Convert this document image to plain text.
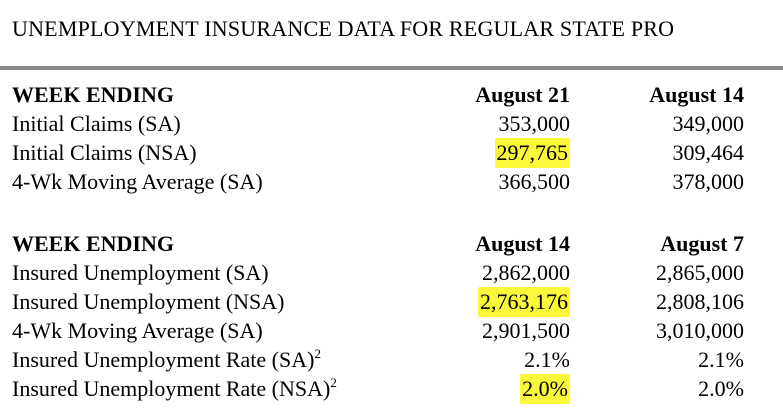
UNEMPLOYMENT INSURANCE DATA FOR REGULAR STATE PRO
WEEK ENDING	August 21	August 14
Initial Claims (SA)	353,000	349,000
Initial Claims (NSA)	297,765	309,464
4-Wk Moving Average (SA)	366,500	378,000
WEEK ENDING	August 14	August 7
Insured Unemployment (SA)	2,862,000	2,865,000
Insured Unemployment (NSA)	2,763,176	2,808,106
4-Wk Moving Average (SA)	2,901,500	3,010,000
Insured Unemployment Rate (SA)$^2$	2.1%	2.1%
Insured Unemployment Rate (NSA)$^2$	2.0%	2.0%
